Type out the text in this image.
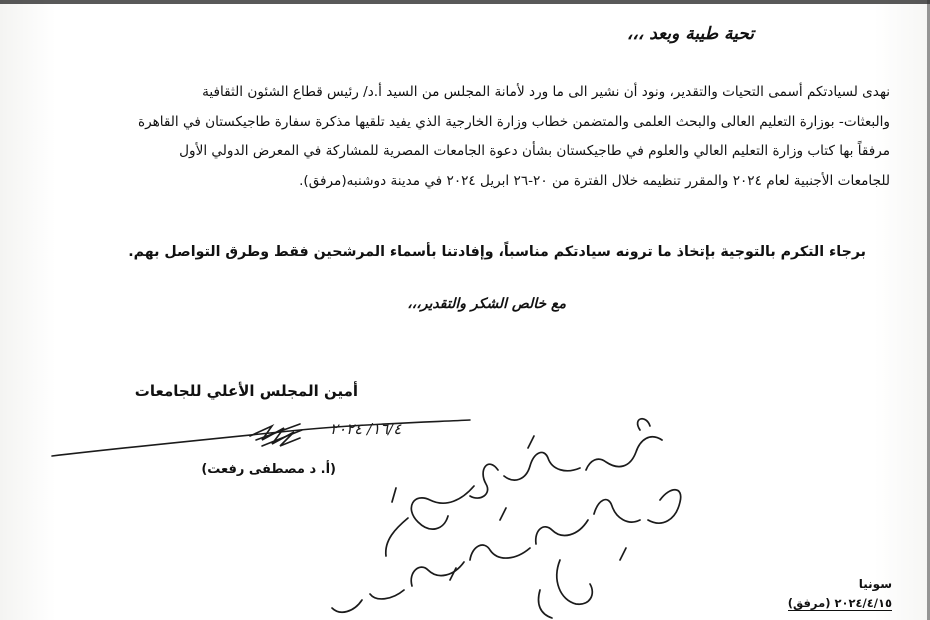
تحية طيبة وبعد ،،،
نهدى لسيادتكم أسمى التحيات والتقدير، ونود أن نشير الى ما ورد لأمانة المجلس من السيد أ.د/ رئيس قطاع الشئون الثقافية
والبعثات- بوزارة التعليم العالى والبحث العلمى والمتضمن خطاب وزارة الخارجية الذي يفيد تلقيها مذكرة سفارة طاجيكستان في القاهرة
مرفقاً بها كتاب وزارة التعليم العالي والعلوم في طاجيكستان بشأن دعوة الجامعات المصرية للمشاركة في المعرض الدولي الأول
للجامعات الأجنبية لعام ٢٠٢٤ والمقرر تنظيمه خلال الفترة من ٢٠-٢٦ ابريل ٢٠٢٤ في مدينة دوشنبه(مرفق).
برجاء التكرم بالتوجية بإتخاذ ما ترونه سيادتكم مناسباً، وإفادتنا بأسماء المرشحين فقط وطرق التواصل بهم.
مع خالص الشكر والتقدير،،،
أمين المجلس الأعلي للجامعات
١٦/٤/ ٢٠٢٤
(أ. د مصطفى رفعت)
سونيا
٢٠٢٤/٤/١٥ (مرفق)
